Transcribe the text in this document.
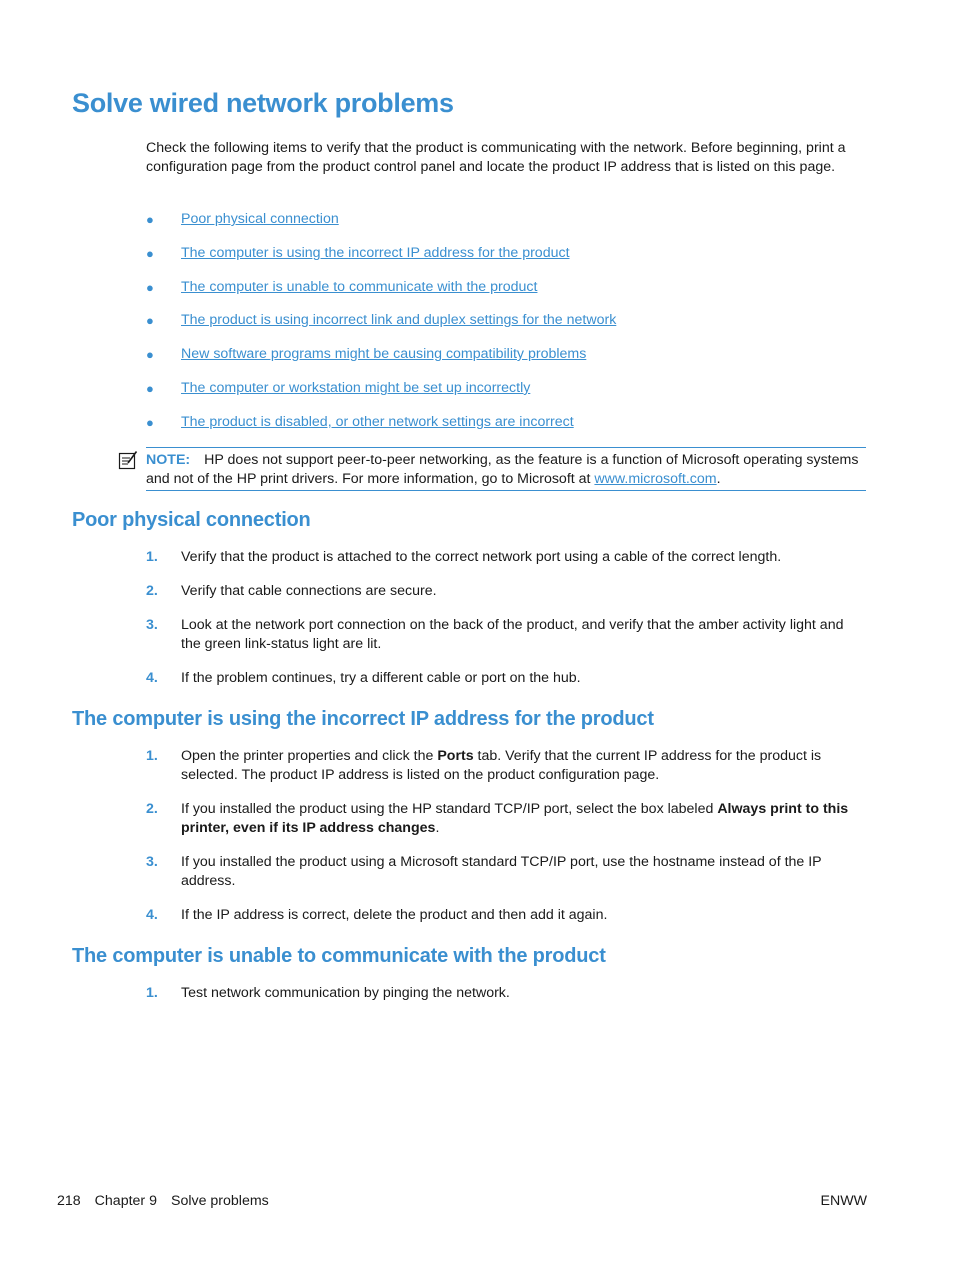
Solve wired network problems

Check the following items to verify that the product is communicating with the network. Before beginning, print a configuration page from the product control panel and locate the product IP address that is listed on this page.

● Poor physical connection
● The computer is using the incorrect IP address for the product
● The computer is unable to communicate with the product
● The product is using incorrect link and duplex settings for the network
● New software programs might be causing compatibility problems
● The computer or workstation might be set up incorrectly
● The product is disabled, or other network settings are incorrect
NOTE: HP does not support peer-to-peer networking, as the feature is a function of Microsoft operating systems and not of the HP print drivers. For more information, go to Microsoft at www.microsoft.com.
Poor physical connection
1. Verify that the product is attached to the correct network port using a cable of the correct length.
2. Verify that cable connections are secure.
3. Look at the network port connection on the back of the product, and verify that the amber activity light and the green link-status light are lit.
4. If the problem continues, try a different cable or port on the hub.
The computer is using the incorrect IP address for the product
1. Open the printer properties and click the Ports tab. Verify that the current IP address for the product is selected. The product IP address is listed on the product configuration page.
2. If you installed the product using the HP standard TCP/IP port, select the box labeled Always print to this printer, even if its IP address changes.
3. If you installed the product using a Microsoft standard TCP/IP port, use the hostname instead of the IP address.
4. If the IP address is correct, delete the product and then add it again.
The computer is unable to communicate with the product
1. Test network communication by pinging the network.
218 Chapter 9 Solve problems	ENWW
